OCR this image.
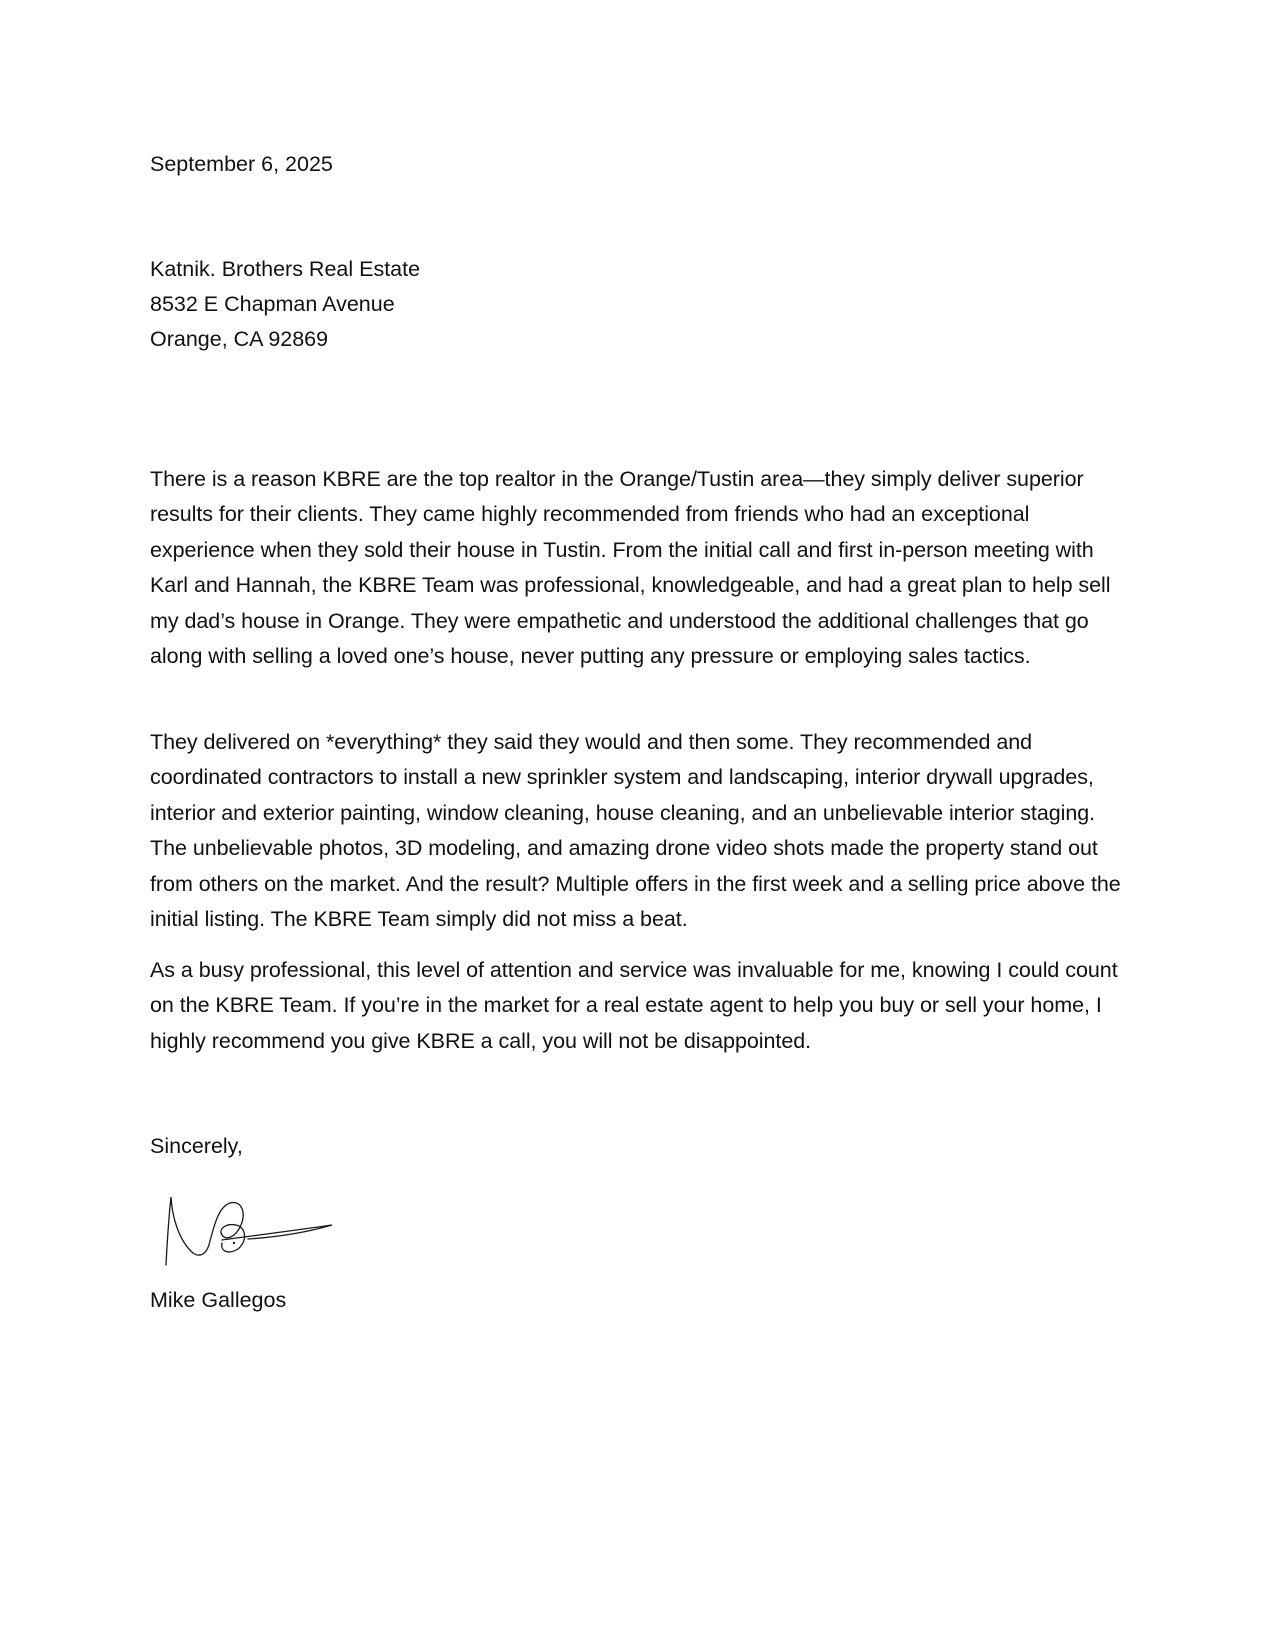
September 6, 2025

Katnik. Brothers Real Estate
8532 E Chapman Avenue
Orange, CA 92869

There is a reason KBRE are the top realtor in the Orange/Tustin area—they simply deliver superior results for their clients. They came highly recommended from friends who had an exceptional experience when they sold their house in Tustin. From the initial call and first in-person meeting with Karl and Hannah, the KBRE Team was professional, knowledgeable, and had a great plan to help sell my dad’s house in Orange. They were empathetic and understood the additional challenges that go along with selling a loved one’s house, never putting any pressure or employing sales tactics.

They delivered on *everything* they said they would and then some. They recommended and coordinated contractors to install a new sprinkler system and landscaping, interior drywall upgrades, interior and exterior painting, window cleaning, house cleaning, and an unbelievable interior staging. The unbelievable photos, 3D modeling, and amazing drone video shots made the property stand out from others on the market. And the result? Multiple offers in the first week and a selling price above the initial listing. The KBRE Team simply did not miss a beat.

As a busy professional, this level of attention and service was invaluable for me, knowing I could count on the KBRE Team. If you’re in the market for a real estate agent to help you buy or sell your home, I highly recommend you give KBRE a call, you will not be disappointed.

Sincerely,

Mike Gallegos
